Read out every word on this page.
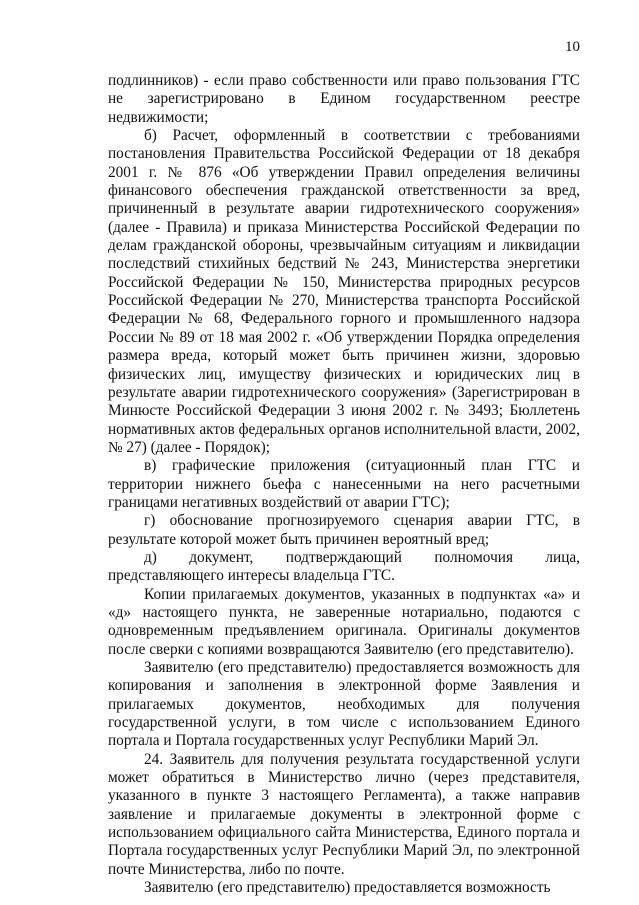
10

подлинников) - если право собственности или право пользования ГТС не зарегистрировано в Едином государственном реестре недвижимости;

б) Расчет, оформленный в соответствии с требованиями постановления Правительства Российской Федерации от 18 декабря 2001 г. № 876 «Об утверждении Правил определения величины финансового обеспечения гражданской ответственности за вред, причиненный в результате аварии гидротехнического сооружения» (далее - Правила) и приказа Министерства Российской Федерации по делам гражданской обороны, чрезвычайным ситуациям и ликвидации последствий стихийных бедствий № 243, Министерства энергетики Российской Федерации № 150, Министерства природных ресурсов Российской Федерации № 270, Министерства транспорта Российской Федерации № 68, Федерального горного и промышленного надзора России № 89 от 18 мая 2002 г. «Об утверждении Порядка определения размера вреда, который может быть причинен жизни, здоровью физических лиц, имуществу физических и юридических лиц в результате аварии гидротехнического сооружения» (Зарегистрирован в Минюсте Российской Федерации 3 июня 2002 г. № 3493; Бюллетень нормативных актов федеральных органов исполнительной власти, 2002, № 27) (далее - Порядок);

в) графические приложения (ситуационный план ГТС и территории нижнего бьефа с нанесенными на него расчетными границами негативных воздействий от аварии ГТС);

г) обоснование прогнозируемого сценария аварии ГТС, в результате которой может быть причинен вероятный вред;

д) документ, подтверждающий полномочия лица, представляющего интересы владельца ГТС.

Копии прилагаемых документов, указанных в подпунктах «а» и «д» настоящего пункта, не заверенные нотариально, подаются с одновременным предъявлением оригинала. Оригиналы документов после сверки с копиями возвращаются Заявителю (его представителю).

Заявителю (его представителю) предоставляется возможность для копирования и заполнения в электронной форме Заявления и прилагаемых документов, необходимых для получения государственной услуги, в том числе с использованием Единого портала и Портала государственных услуг Республики Марий Эл.

24. Заявитель для получения результата государственной услуги может обратиться в Министерство лично (через представителя, указанного в пункте 3 настоящего Регламента), а также направив заявление и прилагаемые документы в электронной форме с использованием официального сайта Министерства, Единого портала и Портала государственных услуг Республики Марий Эл, по электронной почте Министерства, либо по почте.

Заявителю (его представителю) предоставляется возможность
